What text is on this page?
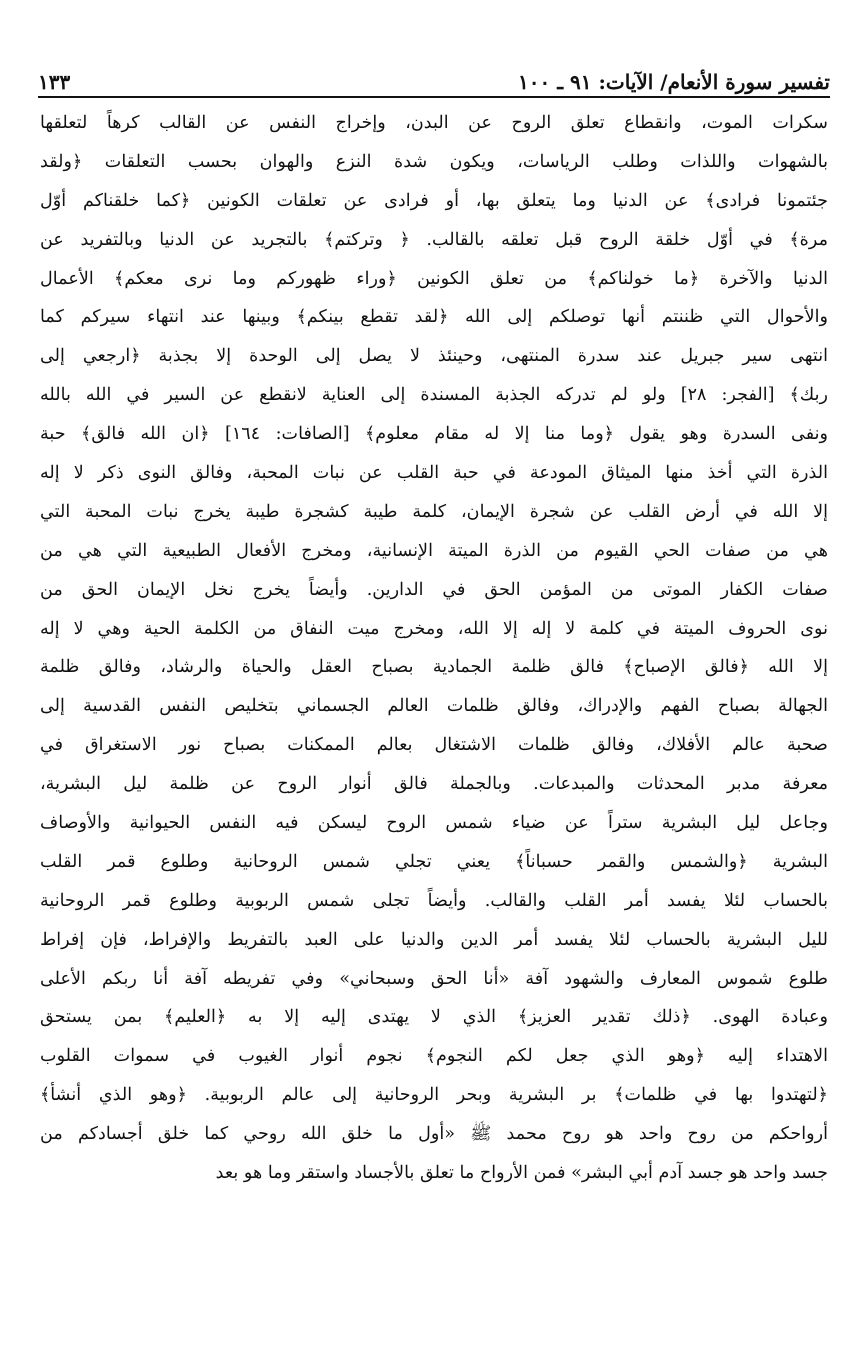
تفسير سورة الأنعام/ الآيات: ٩١ ـ ١٠٠
١٣٣
سكرات الموت، وانقطاع تعلق الروح عن البدن، وإخراج النفس عن القالب كرهاً لتعلقها
بالشهوات واللذات وطلب الرياسات، ويكون شدة النزع والهوان بحسب التعلقات ﴿ولقد
جئتمونا فرادى﴾ عن الدنيا وما يتعلق بها، أو فرادى عن تعلقات الكونين ﴿كما خلقناكم أوّل
مرة﴾ في أوّل خلقة الروح قبل تعلقه بالقالب. ﴿ وتركتم﴾ بالتجريد عن الدنيا وبالتفريد عن
الدنيا والآخرة ﴿ما خولناكم﴾ من تعلق الكونين ﴿وراء ظهوركم وما نرى معكم﴾ الأعمال
والأحوال التي ظننتم أنها توصلكم إلى الله ﴿لقد تقطع بينكم﴾ وبينها عند انتهاء سيركم كما
انتهى سير جبريل عند سدرة المنتهى، وحينئذ لا يصل إلى الوحدة إلا بجذبة ﴿ارجعي إلى
ربك﴾ [الفجر: ٢٨] ولو لم تدركه الجذبة المسندة إلى العناية لانقطع عن السير في الله بالله
ونفى السدرة وهو يقول ﴿وما منا إلا له مقام معلوم﴾ [الصافات: ١٦٤] ﴿ان الله فالق﴾ حبة
الذرة التي أخذ منها الميثاق المودعة في حبة القلب عن نبات المحبة، وفالق النوى ذكر لا إله
إلا الله في أرض القلب عن شجرة الإيمان، كلمة طيبة كشجرة طيبة يخرج نبات المحبة التي
هي من صفات الحي القيوم من الذرة الميتة الإنسانية، ومخرج الأفعال الطبيعية التي هي من
صفات الكفار الموتى من المؤمن الحق في الدارين. وأيضاً يخرج نخل الإيمان الحق من
نوى الحروف الميتة في كلمة لا إله إلا الله، ومخرج ميت النفاق من الكلمة الحية وهي لا إله
إلا الله ﴿فالق الإصباح﴾ فالق ظلمة الجمادية بصباح العقل والحياة والرشاد، وفالق ظلمة
الجهالة بصباح الفهم والإدراك، وفالق ظلمات العالم الجسماني بتخليص النفس القدسية إلى
صحبة عالم الأفلاك، وفالق ظلمات الاشتغال بعالم الممكنات بصباح نور الاستغراق في
معرفة مدبر المحدثات والمبدعات. وبالجملة فالق أنوار الروح عن ظلمة ليل البشرية،
وجاعل ليل البشرية ستراً عن ضياء شمس الروح ليسكن فيه النفس الحيوانية والأوصاف
البشرية ﴿والشمس والقمر حسباناً﴾ يعني تجلي شمس الروحانية وطلوع قمر القلب
بالحساب لئلا يفسد أمر القلب والقالب. وأيضاً تجلى شمس الربوبية وطلوع قمر الروحانية
لليل البشرية بالحساب لئلا يفسد أمر الدين والدنيا على العبد بالتفريط والإفراط، فإن إفراط
طلوع شموس المعارف والشهود آفة «أنا الحق وسبحاني» وفي تفريطه آفة أنا ربكم الأعلى
وعبادة الهوى. ﴿ذلك تقدير العزيز﴾ الذي لا يهتدى إليه إلا به ﴿العليم﴾ بمن يستحق
الاهتداء إليه ﴿وهو الذي جعل لكم النجوم﴾ نجوم أنوار الغيوب في سموات القلوب
﴿لتهتدوا بها في ظلمات﴾ بر البشرية وبحر الروحانية إلى عالم الربوبية. ﴿وهو الذي أنشأ﴾
أرواحكم من روح واحد هو روح محمد ﷺ «أول ما خلق الله روحي كما خلق أجسادكم من
جسد واحد هو جسد آدم أبي البشر» فمن الأرواح ما تعلق بالأجساد واستقر وما هو بعد
